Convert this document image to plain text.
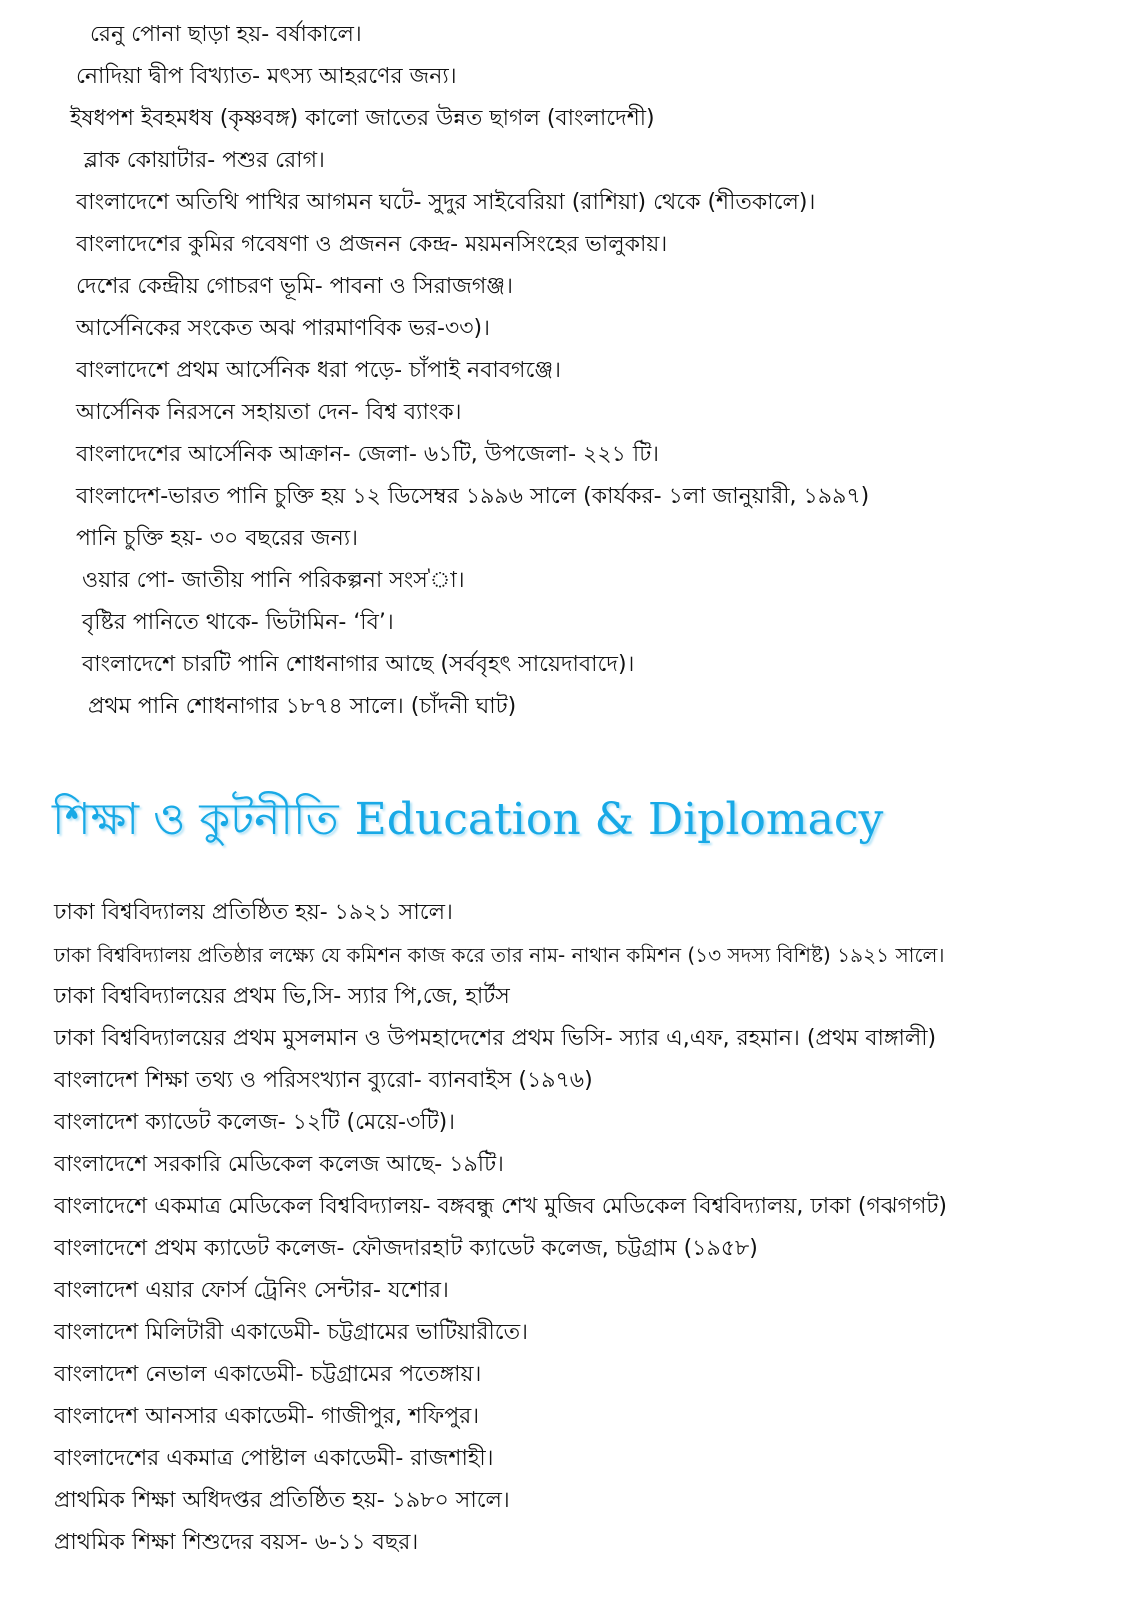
রেনু পোনা ছাড়া হয়- বর্ষাকালে।
নোদিয়া দ্বীপ বিখ্যাত- মৎস্য আহরণের জন্য।
ইষধপশ ইবহমধষ (কৃষ্ণবঙ্গ) কালো জাতের উন্নত ছাগল (বাংলাদেশী)
ব্লাক কোয়াটার- পশুর রোগ।
বাংলাদেশে অতিথি পাখির আগমন ঘটে- সুদুর সাইবেরিয়া (রাশিয়া) থেকে (শীতকালে)।
বাংলাদেশের কুমির গবেষণা ও প্রজনন কেন্দ্র- ময়মনসিংহের ভালুকায়।
দেশের কেন্দ্রীয় গোচরণ ভূমি- পাবনা ও সিরাজগঞ্জ।
আর্সেনিকের সংকেত অঝ পারমাণবিক ভর-৩৩)।
বাংলাদেশে প্রথম আর্সেনিক ধরা পড়ে- চাঁপাই নবাবগঞ্জে।
আর্সেনিক নিরসনে সহায়তা দেন- বিশ্ব ব্যাংক।
বাংলাদেশের আর্সেনিক আক্রান- জেলা- ৬১টি, উপজেলা- ২২১ টি।
বাংলাদেশ-ভারত পানি চুক্তি হয় ১২ ডিসেম্বর ১৯৯৬ সালে (কার্যকর- ১লা জানুয়ারী, ১৯৯৭)
পানি চুক্তি হয়- ৩০ বছরের জন্য।
ওয়ার পো- জাতীয় পানি পরিকল্পনা সংস'া।
বৃষ্টির পানিতে থাকে- ভিটামিন- ‘বি’।
বাংলাদেশে চারটি পানি শোধনাগার আছে (সর্ববৃহৎ সায়েদাবাদে)।
প্রথম পানি শোধনাগার ১৮৭৪ সালে। (চাঁদনী ঘাট)
শিক্ষা ও কুটনীতি Education & Diplomacy
ঢাকা বিশ্ববিদ্যালয় প্রতিষ্ঠিত হয়- ১৯২১ সালে।
ঢাকা বিশ্ববিদ্যালয় প্রতিষ্ঠার লক্ষ্যে যে কমিশন কাজ করে তার নাম- নাথান কমিশন (১৩ সদস্য বিশিষ্ট) ১৯২১ সালে।
ঢাকা বিশ্ববিদ্যালয়ের প্রথম ভি,সি- স্যার পি,জে, হার্টস
ঢাকা বিশ্ববিদ্যালয়ের প্রথম মুসলমান ও উপমহাদেশের প্রথম ভিসি- স্যার এ,এফ, রহমান। (প্রথম বাঙ্গালী)
বাংলাদেশ শিক্ষা তথ্য ও পরিসংখ্যান ব্যুরো- ব্যানবাইস (১৯৭৬)
বাংলাদেশ ক্যাডেট কলেজ- ১২টি (মেয়ে-৩টি)।
বাংলাদেশে সরকারি মেডিকেল কলেজ আছে- ১৯টি।
বাংলাদেশে একমাত্র মেডিকেল বিশ্ববিদ্যালয়- বঙ্গবন্ধু শেখ মুজিব মেডিকেল বিশ্ববিদ্যালয়, ঢাকা (গঝগগট)
বাংলাদেশে প্রথম ক্যাডেট কলেজ- ফৌজদারহাট ক্যাডেট কলেজ, চট্টগ্রাম (১৯৫৮)
বাংলাদেশ এয়ার ফোর্স ট্রেনিং সেন্টার- যশোর।
বাংলাদেশ মিলিটারী একাডেমী- চট্টগ্রামের ভাটিয়ারীতে।
বাংলাদেশ নেভাল একাডেমী- চট্টগ্রামের পতেঙ্গায়।
বাংলাদেশ আনসার একাডেমী- গাজীপুর, শফিপুর।
বাংলাদেশের একমাত্র পোষ্টাল একাডেমী- রাজশাহী।
প্রাথমিক শিক্ষা অধিদপ্তর প্রতিষ্ঠিত হয়- ১৯৮০ সালে।
প্রাথমিক শিক্ষা শিশুদের বয়স- ৬-১১ বছর।
